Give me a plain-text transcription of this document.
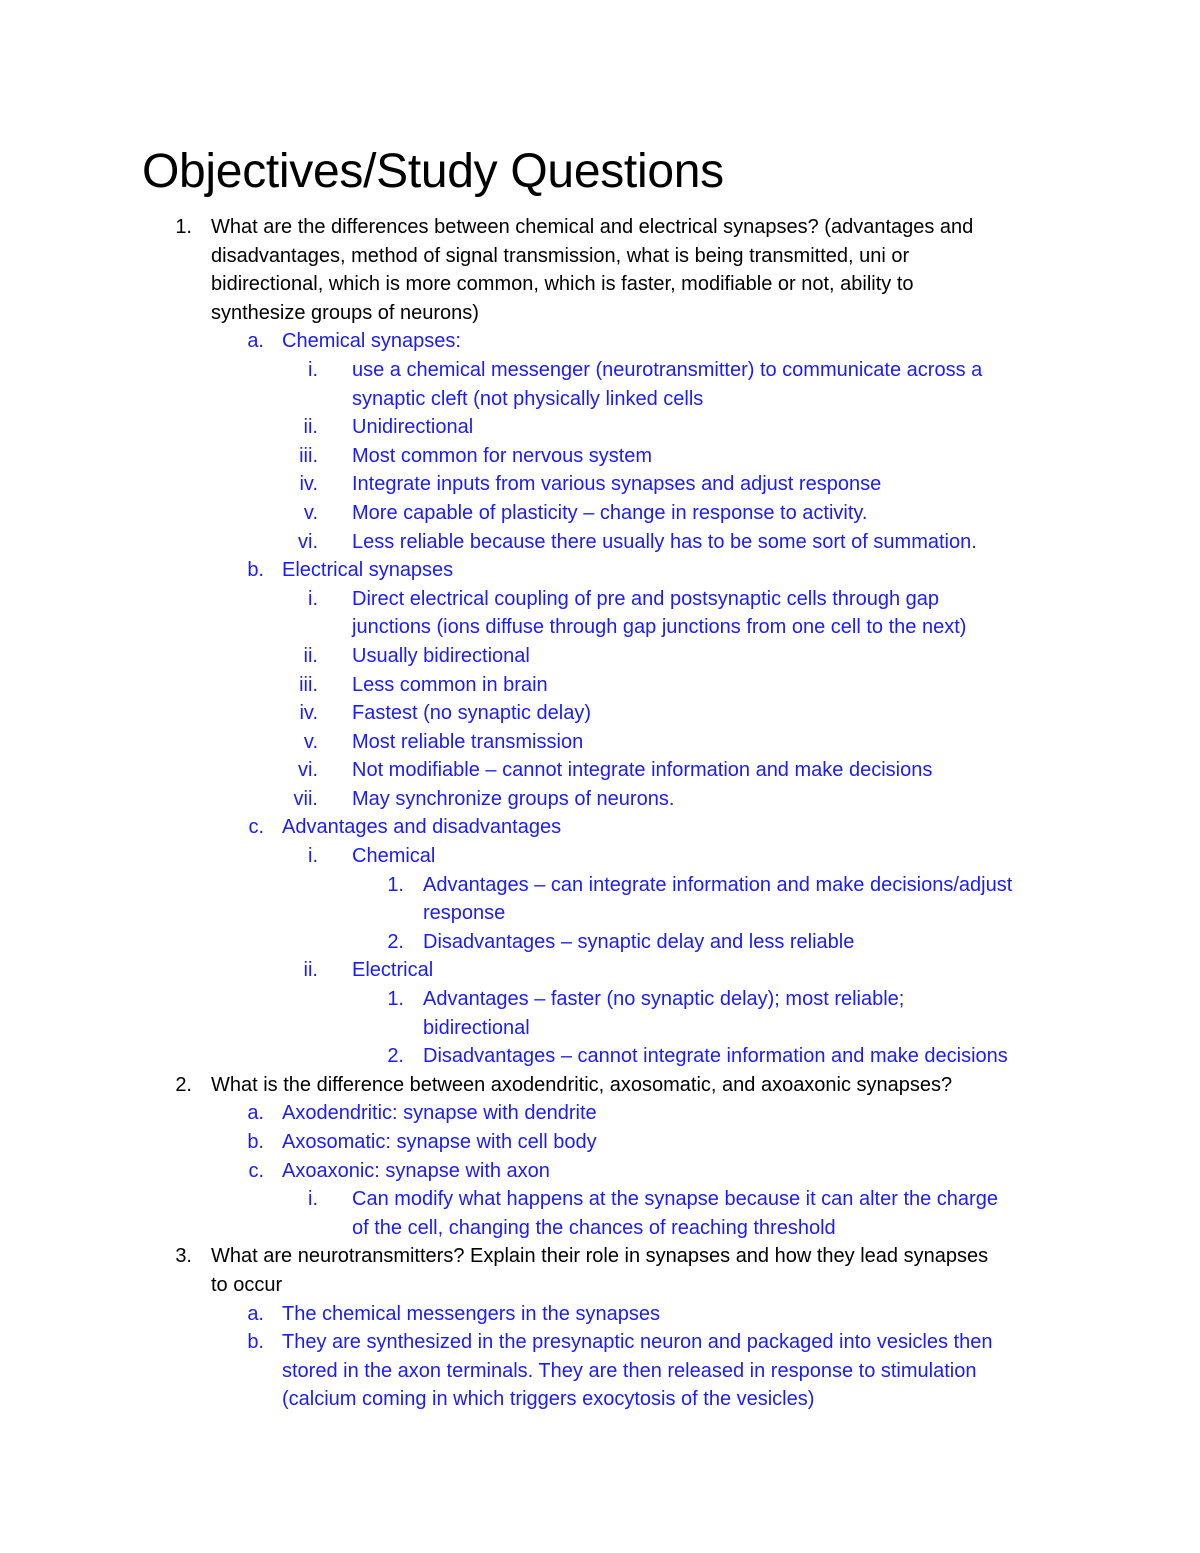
Objectives/Study Questions
1. What are the differences between chemical and electrical synapses? (advantages and
disadvantages, method of signal transmission, what is being transmitted, uni or
bidirectional, which is more common, which is faster, modifiable or not, ability to
synthesize groups of neurons)
a. Chemical synapses:
i. use a chemical messenger (neurotransmitter) to communicate across a
synaptic cleft (not physically linked cells
ii. Unidirectional
iii. Most common for nervous system
iv. Integrate inputs from various synapses and adjust response
v. More capable of plasticity – change in response to activity.
vi. Less reliable because there usually has to be some sort of summation.
b. Electrical synapses
i. Direct electrical coupling of pre and postsynaptic cells through gap
junctions (ions diffuse through gap junctions from one cell to the next)
ii. Usually bidirectional
iii. Less common in brain
iv. Fastest (no synaptic delay)
v. Most reliable transmission
vi. Not modifiable – cannot integrate information and make decisions
vii. May synchronize groups of neurons.
c. Advantages and disadvantages
i. Chemical
1. Advantages – can integrate information and make decisions/adjust
response
2. Disadvantages – synaptic delay and less reliable
ii. Electrical
1. Advantages – faster (no synaptic delay); most reliable;
bidirectional
2. Disadvantages – cannot integrate information and make decisions
2. What is the difference between axodendritic, axosomatic, and axoaxonic synapses?
a. Axodendritic: synapse with dendrite
b. Axosomatic: synapse with cell body
c. Axoaxonic: synapse with axon
i. Can modify what happens at the synapse because it can alter the charge
of the cell, changing the chances of reaching threshold
3. What are neurotransmitters? Explain their role in synapses and how they lead synapses
to occur
a. The chemical messengers in the synapses
b. They are synthesized in the presynaptic neuron and packaged into vesicles then
stored in the axon terminals. They are then released in response to stimulation
(calcium coming in which triggers exocytosis of the vesicles)
